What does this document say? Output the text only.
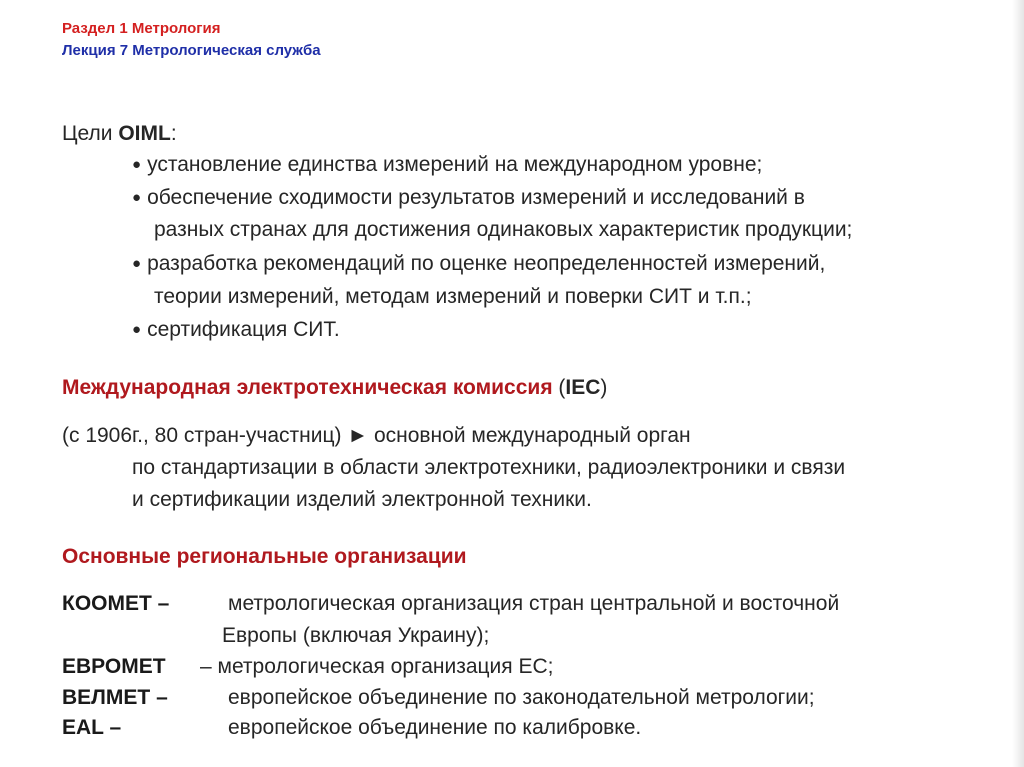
Раздел 1 Метрология
Лекция 7 Метрологическая служба
Цели OIML:
● установление единства измерений на международном уровне;
● обеспечение сходимости результатов измерений и исследований в
разных странах для достижения одинаковых характеристик продукции;
● разработка рекомендаций по оценке неопределенностей измерений,
теории измерений, методам измерений и поверки СИТ и т.п.;
● сертификация СИТ.
Международная электротехническая комиссия (IEC)
(с 1906г., 80 стран-участниц) ► основной международный орган
по стандартизации в области электротехники, радиоэлектроники и связи
и сертификации изделий электронной техники.
Основные региональные организации
КООМЕТ –	метрологическая организация стран центральной и восточной
Европы (включая Украину);
ЕВРОМЕТ – метрологическая организация ЕС;
ВЕЛМЕТ –	европейское объединение по законодательной метрологии;
EAL –	европейское объединение по калибровке.
